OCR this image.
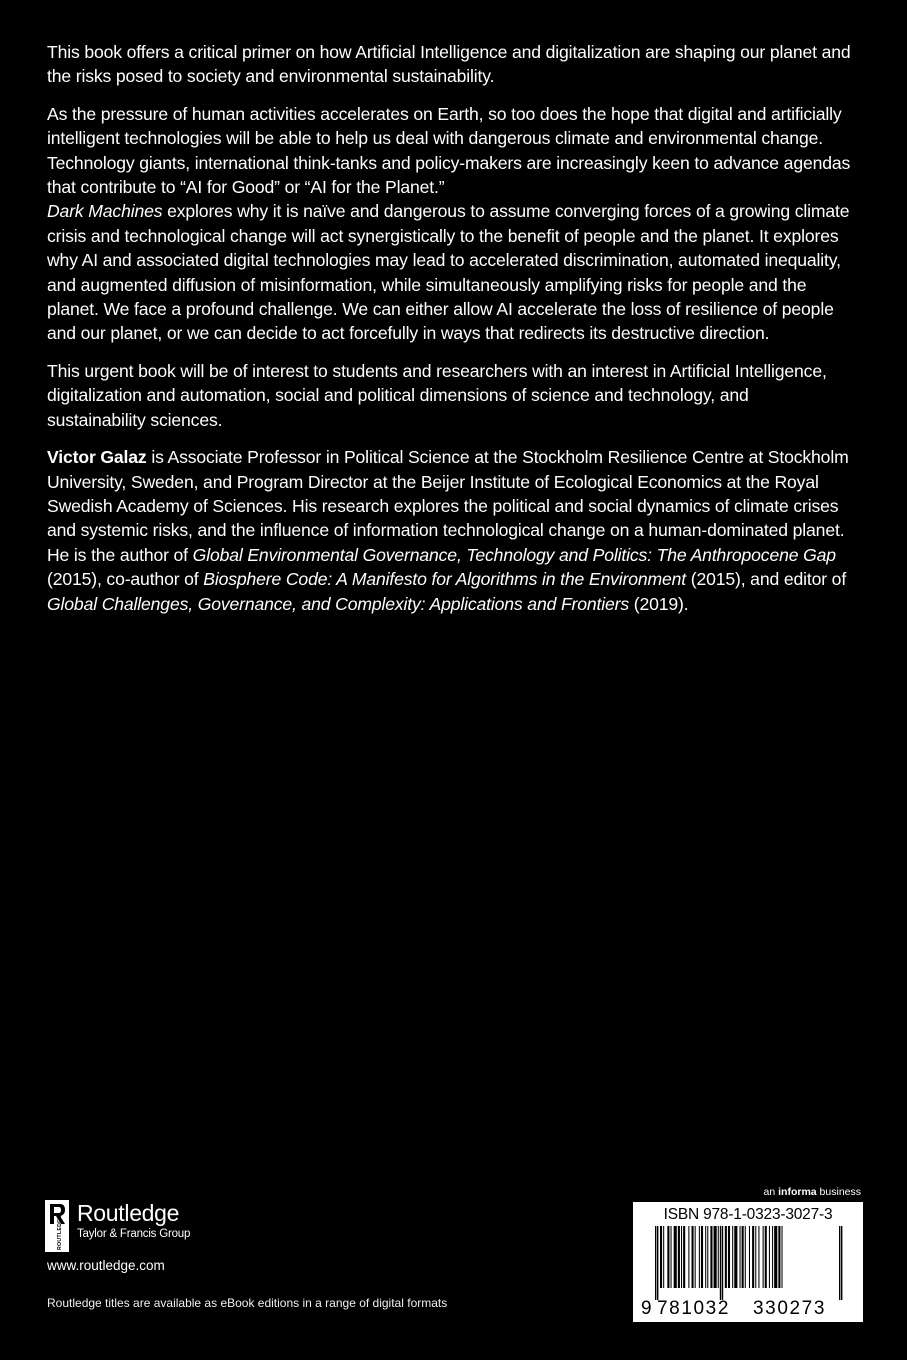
This book offers a critical primer on how Artificial Intelligence and digitalization are shaping our planet and the risks posed to society and environmental sustainability.

As the pressure of human activities accelerates on Earth, so too does the hope that digital and artificially intelligent technologies will be able to help us deal with dangerous climate and environmental change. Technology giants, international think-tanks and policy-makers are increasingly keen to advance agendas that contribute to “AI for Good” or “AI for the Planet.”
Dark Machines explores why it is naïve and dangerous to assume converging forces of a growing climate crisis and technological change will act synergistically to the benefit of people and the planet. It explores why AI and associated digital technologies may lead to accelerated discrimination, automated inequality, and augmented diffusion of misinformation, while simultaneously amplifying risks for people and the planet. We face a profound challenge. We can either allow AI accelerate the loss of resilience of people and our planet, or we can decide to act forcefully in ways that redirects its destructive direction.

This urgent book will be of interest to students and researchers with an interest in Artificial Intelligence, digitalization and automation, social and political dimensions of science and technology, and sustainability sciences.

Victor Galaz is Associate Professor in Political Science at the Stockholm Resilience Centre at Stockholm University, Sweden, and Program Director at the Beijer Institute of Ecological Economics at the Royal Swedish Academy of Sciences. His research explores the political and social dynamics of climate crises and systemic risks, and the influence of information technological change on a human-dominated planet. He is the author of Global Environmental Governance, Technology and Politics: The Anthropocene Gap (2015), co-author of Biosphere Code: A Manifesto for Algorithms in the Environment (2015), and editor of Global Challenges, Governance, and Complexity: Applications and Frontiers (2019).

ROUTLEDGE
Routledge
Taylor & Francis Group
www.routledge.com
Routledge titles are available as eBook editions in a range of digital formats
an informa business
ISBN 978-1-0323-3027-3
9 781032 330273
